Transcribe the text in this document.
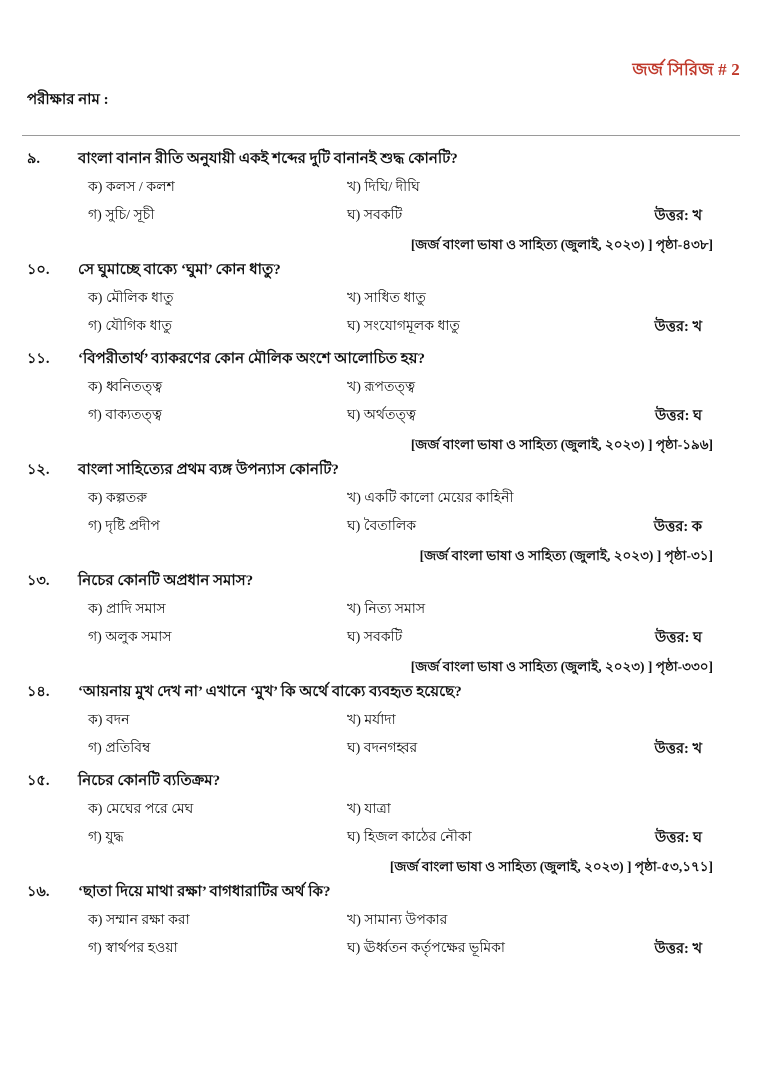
জর্জ সিরিজ # 2
পরীক্ষার নাম :
৯.	বাংলা বানান রীতি অনুযায়ী একই শব্দের দুটি বানানই শুদ্ধ কোনটি?
ক) কলস / কলশ	খ) দিঘি/ দীঘি
গ) সুচি/ সূচী	ঘ) সবকটি	উত্তর: খ
[জর্জ বাংলা ভাষা ও সাহিত্য (জুলাই, ২০২৩) ] পৃষ্ঠা-৪৩৮]
১০.	সে ঘুমাচ্ছে বাক্যে ‘ঘুমা’ কোন ধাতু?
ক) মৌলিক ধাতু	খ) সাধিত ধাতু
গ) যৌগিক ধাতু	ঘ) সংযোগমূলক ধাতু	উত্তর: খ
১১.	‘বিপরীতার্থ’ ব্যাকরণের কোন মৌলিক অংশে আলোচিত হয়?
ক) ধ্বনিতত্ত্ব	খ) রূপতত্ত্ব
গ) বাক্যতত্ত্ব	ঘ) অর্থতত্ত্ব	উত্তর: ঘ
[জর্জ বাংলা ভাষা ও সাহিত্য (জুলাই, ২০২৩) ] পৃষ্ঠা-১৯৬]
১২.	বাংলা সাহিত্যের প্রথম ব্যঙ্গ উপন্যাস কোনটি?
ক) কল্পতরু	খ) একটি কালো মেয়ের কাহিনী
গ) দৃষ্টি প্রদীপ	ঘ) বৈতালিক	উত্তর: ক
[জর্জ বাংলা ভাষা ও সাহিত্য (জুলাই, ২০২৩) ] পৃষ্ঠা-৩১]
১৩.	নিচের কোনটি অপ্রধান সমাস?
ক) প্রাদি সমাস	খ) নিত্য সমাস
গ) অলুক সমাস	ঘ) সবকটি	উত্তর: ঘ
[জর্জ বাংলা ভাষা ও সাহিত্য (জুলাই, ২০২৩) ] পৃষ্ঠা-৩৩০]
১৪.	‘আয়নায় মুখ দেখ না’ এখানে ‘মুখ’ কি অর্থে বাক্যে ব্যবহৃত হয়েছে?
ক) বদন	খ) মর্যাদা
গ) প্রতিবিম্ব	ঘ) বদনগহ্বর	উত্তর: খ
১৫.	নিচের কোনটি ব্যতিক্রম?
ক) মেঘের পরে মেঘ	খ) যাত্রা
গ) যুদ্ধ	ঘ) হিজল কাঠের নৌকা	উত্তর: ঘ
[জর্জ বাংলা ভাষা ও সাহিত্য (জুলাই, ২০২৩) ] পৃষ্ঠা-৫৩,১৭১]
১৬.	‘ছাতা দিয়ে মাথা রক্ষা’ বাগধারাটির অর্থ কি?
ক) সম্মান রক্ষা করা	খ) সামান্য উপকার
গ) স্বার্থপর হওয়া	ঘ) ঊর্ধ্বতন কর্তৃপক্ষের ভূমিকা	উত্তর: খ
